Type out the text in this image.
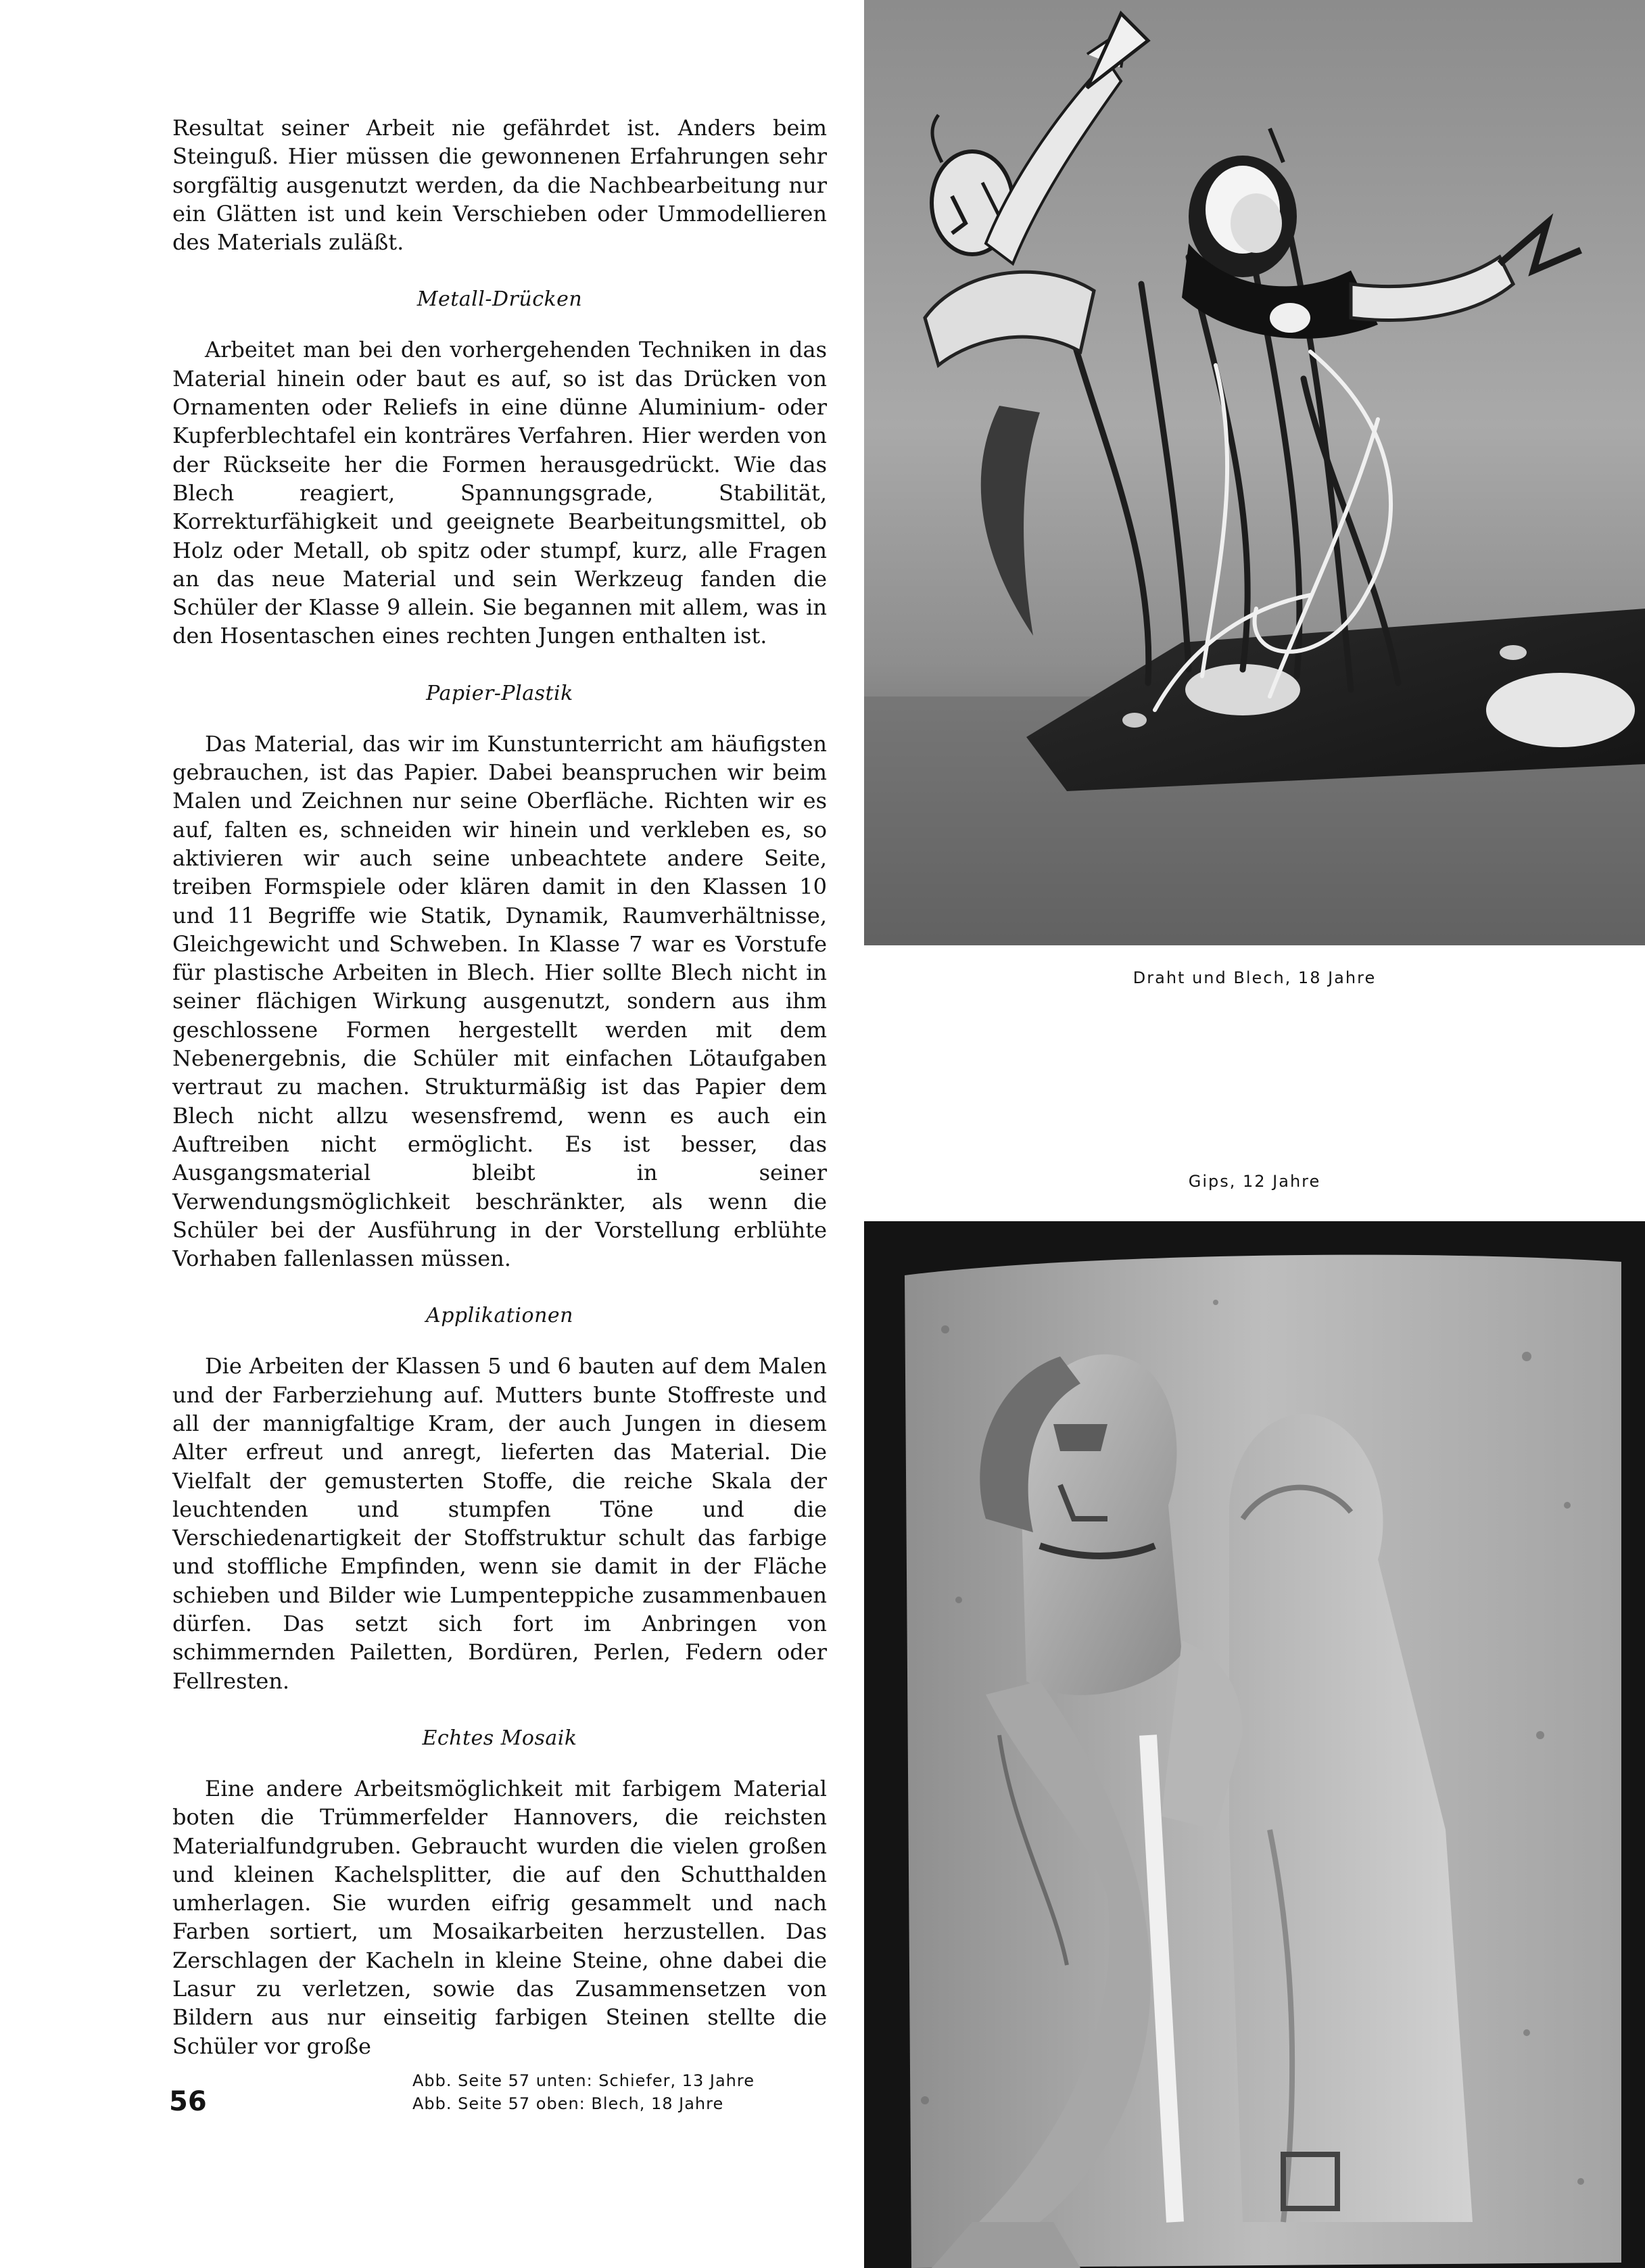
Resultat seiner Arbeit nie gefährdet ist. Anders beim Steinguß. Hier müssen die gewonnenen Erfahrungen sehr sorgfältig ausgenutzt werden, da die Nachbearbeitung nur ein Glätten ist und kein Verschieben oder Ummodellieren des Materials zuläßt.

Metall-Drücken

Arbeitet man bei den vorhergehenden Techniken in das Material hinein oder baut es auf, so ist das Drücken von Ornamenten oder Reliefs in eine dünne Aluminium- oder Kupferblechtafel ein konträres Verfahren. Hier werden von der Rückseite her die Formen herausgedrückt. Wie das Blech reagiert, Spannungsgrade, Stabilität, Korrekturfähigkeit und geeignete Bearbeitungsmittel, ob Holz oder Metall, ob spitz oder stumpf, kurz, alle Fragen an das neue Material und sein Werkzeug fanden die Schüler der Klasse 9 allein. Sie begannen mit allem, was in den Hosentaschen eines rechten Jungen enthalten ist.

Papier-Plastik

Das Material, das wir im Kunstunterricht am häufigsten gebrauchen, ist das Papier. Dabei beanspruchen wir beim Malen und Zeichnen nur seine Oberfläche. Richten wir es auf, falten es, schneiden wir hinein und verkleben es, so aktivieren wir auch seine unbeachtete andere Seite, treiben Formspiele oder klären damit in den Klassen 10 und 11 Begriffe wie Statik, Dynamik, Raumverhältnisse, Gleichgewicht und Schweben. In Klasse 7 war es Vorstufe für plastische Arbeiten in Blech. Hier sollte Blech nicht in seiner flächigen Wirkung ausgenutzt, sondern aus ihm geschlossene Formen hergestellt werden mit dem Nebenergebnis, die Schüler mit einfachen Lötaufgaben vertraut zu machen. Strukturmäßig ist das Papier dem Blech nicht allzu wesensfremd, wenn es auch ein Auftreiben nicht ermöglicht. Es ist besser, das Ausgangsmaterial bleibt in seiner Verwendungsmöglichkeit beschränkter, als wenn die Schüler bei der Ausführung in der Vorstellung erblühte Vorhaben fallenlassen müssen.

Applikationen

Die Arbeiten der Klassen 5 und 6 bauten auf dem Malen und der Farberziehung auf. Mutters bunte Stoffreste und all der mannigfaltige Kram, der auch Jungen in diesem Alter erfreut und anregt, lieferten das Material. Die Vielfalt der gemusterten Stoffe, die reiche Skala der leuchtenden und stumpfen Töne und die Verschiedenartigkeit der Stoffstruktur schult das farbige und stoffliche Empfinden, wenn sie damit in der Fläche schieben und Bilder wie Lumpenteppiche zusammenbauen dürfen. Das setzt sich fort im Anbringen von schimmernden Pailetten, Bordüren, Perlen, Federn oder Fellresten.

Echtes Mosaik

Eine andere Arbeitsmöglichkeit mit farbigem Material boten die Trümmerfelder Hannovers, die reichsten Materialfundgruben. Gebraucht wurden die vielen großen und kleinen Kachelsplitter, die auf den Schutthalden umherlagen. Sie wurden eifrig gesammelt und nach Farben sortiert, um Mosaikarbeiten herzustellen. Das Zerschlagen der Kacheln in kleine Steine, ohne dabei die Lasur zu verletzen, sowie das Zusammensetzen von Bildern aus nur einseitig farbigen Steinen stellte die Schüler vor große

Abb. Seite 57 unten: Schiefer, 13 Jahre
Abb. Seite 57 oben: Blech, 18 Jahre
56
Draht und Blech, 18 Jahre
Gips, 12 Jahre
